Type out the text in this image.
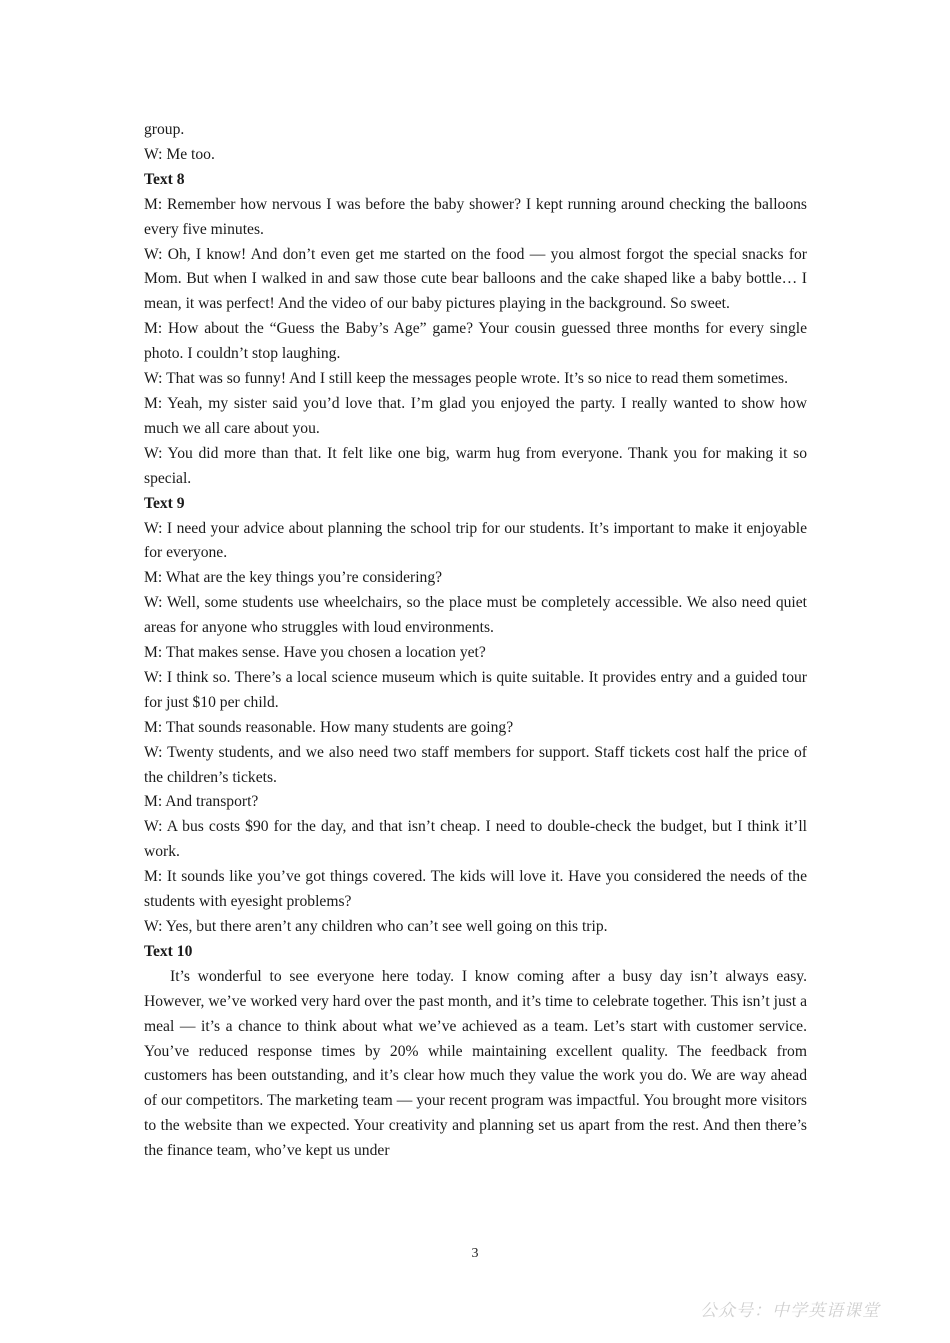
group.

W: Me too.

Text 8

M: Remember how nervous I was before the baby shower? I kept running around checking the balloons every five minutes.

W: Oh, I know! And don’t even get me started on the food — you almost forgot the special snacks for Mom. But when I walked in and saw those cute bear balloons and the cake shaped like a baby bottle… I mean, it was perfect! And the video of our baby pictures playing in the background. So sweet.

M: How about the “Guess the Baby’s Age” game? Your cousin guessed three months for every single photo. I couldn’t stop laughing.

W: That was so funny! And I still keep the messages people wrote. It’s so nice to read them sometimes.

M: Yeah, my sister said you’d love that. I’m glad you enjoyed the party. I really wanted to show how much we all care about you.

W: You did more than that. It felt like one big, warm hug from everyone. Thank you for making it so special.

Text 9

W: I need your advice about planning the school trip for our students. It’s important to make it enjoyable for everyone.

M: What are the key things you’re considering?

W: Well, some students use wheelchairs, so the place must be completely accessible. We also need quiet areas for anyone who struggles with loud environments.

M: That makes sense. Have you chosen a location yet?

W: I think so. There’s a local science museum which is quite suitable. It provides entry and a guided tour for just $10 per child.

M: That sounds reasonable. How many students are going?

W: Twenty students, and we also need two staff members for support. Staff tickets cost half the price of the children’s tickets.

M: And transport?

W: A bus costs $90 for the day, and that isn’t cheap. I need to double-check the budget, but I think it’ll work.

M: It sounds like you’ve got things covered. The kids will love it. Have you considered the needs of the students with eyesight problems?

W: Yes, but there aren’t any children who can’t see well going on this trip.

Text 10

It’s wonderful to see everyone here today. I know coming after a busy day isn’t always easy. However, we’ve worked very hard over the past month, and it’s time to celebrate together. This isn’t just a meal — it’s a chance to think about what we’ve achieved as a team. Let’s start with customer service. You’ve reduced response times by 20% while maintaining excellent quality. The feedback from customers has been outstanding, and it’s clear how much they value the work you do. We are way ahead of our competitors. The marketing team — your recent program was impactful. You brought more visitors to the website than we expected. Your creativity and planning set us apart from the rest. And then there’s the finance team, who’ve kept us under

3
公众号：中学英语课堂
